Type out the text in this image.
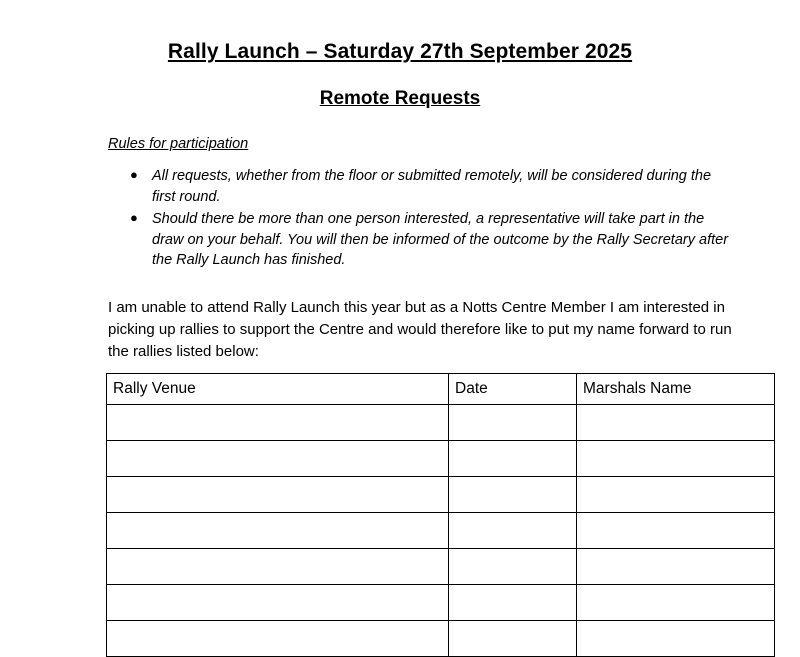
Rally Launch – Saturday 27th September 2025
Remote Requests
Rules for participation
● All requests, whether from the floor or submitted remotely, will be considered during the first round.
● Should there be more than one person interested, a representative will take part in the draw on your behalf. You will then be informed of the outcome by the Rally Secretary after the Rally Launch has finished.

I am unable to attend Rally Launch this year but as a Notts Centre Member I am interested in picking up rallies to support the Centre and would therefore like to put my name forward to run the rallies listed below:

Rally Venue	Date	Marshals Name
